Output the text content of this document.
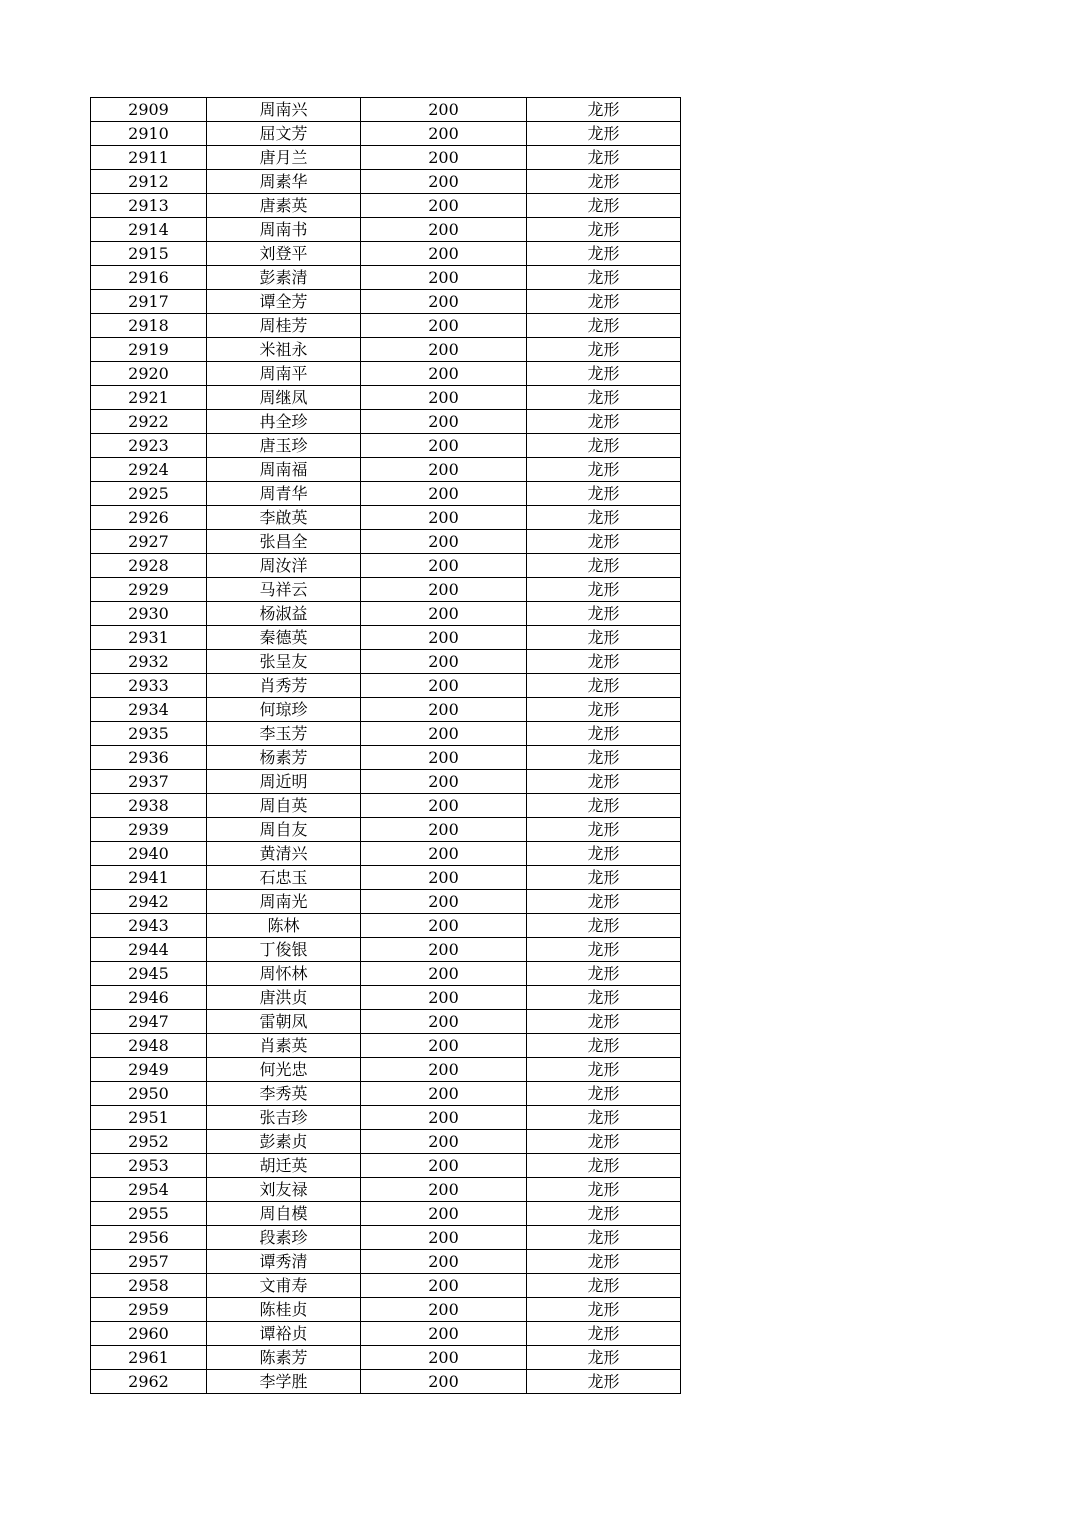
2909	周南兴	200	龙形
2910	屈文芳	200	龙形
2911	唐月兰	200	龙形
2912	周素华	200	龙形
2913	唐素英	200	龙形
2914	周南书	200	龙形
2915	刘登平	200	龙形
2916	彭素清	200	龙形
2917	谭全芳	200	龙形
2918	周桂芳	200	龙形
2919	米祖永	200	龙形
2920	周南平	200	龙形
2921	周继凤	200	龙形
2922	冉全珍	200	龙形
2923	唐玉珍	200	龙形
2924	周南福	200	龙形
2925	周青华	200	龙形
2926	李啟英	200	龙形
2927	张昌全	200	龙形
2928	周汝洋	200	龙形
2929	马祥云	200	龙形
2930	杨淑益	200	龙形
2931	秦德英	200	龙形
2932	张呈友	200	龙形
2933	肖秀芳	200	龙形
2934	何琼珍	200	龙形
2935	李玉芳	200	龙形
2936	杨素芳	200	龙形
2937	周近明	200	龙形
2938	周自英	200	龙形
2939	周自友	200	龙形
2940	黄清兴	200	龙形
2941	石忠玉	200	龙形
2942	周南光	200	龙形
2943	陈林	200	龙形
2944	丁俊银	200	龙形
2945	周怀林	200	龙形
2946	唐洪贞	200	龙形
2947	雷朝凤	200	龙形
2948	肖素英	200	龙形
2949	何光忠	200	龙形
2950	李秀英	200	龙形
2951	张吉珍	200	龙形
2952	彭素贞	200	龙形
2953	胡迁英	200	龙形
2954	刘友禄	200	龙形
2955	周自模	200	龙形
2956	段素珍	200	龙形
2957	谭秀清	200	龙形
2958	文甫寿	200	龙形
2959	陈桂贞	200	龙形
2960	谭裕贞	200	龙形
2961	陈素芳	200	龙形
2962	李学胜	200	龙形
